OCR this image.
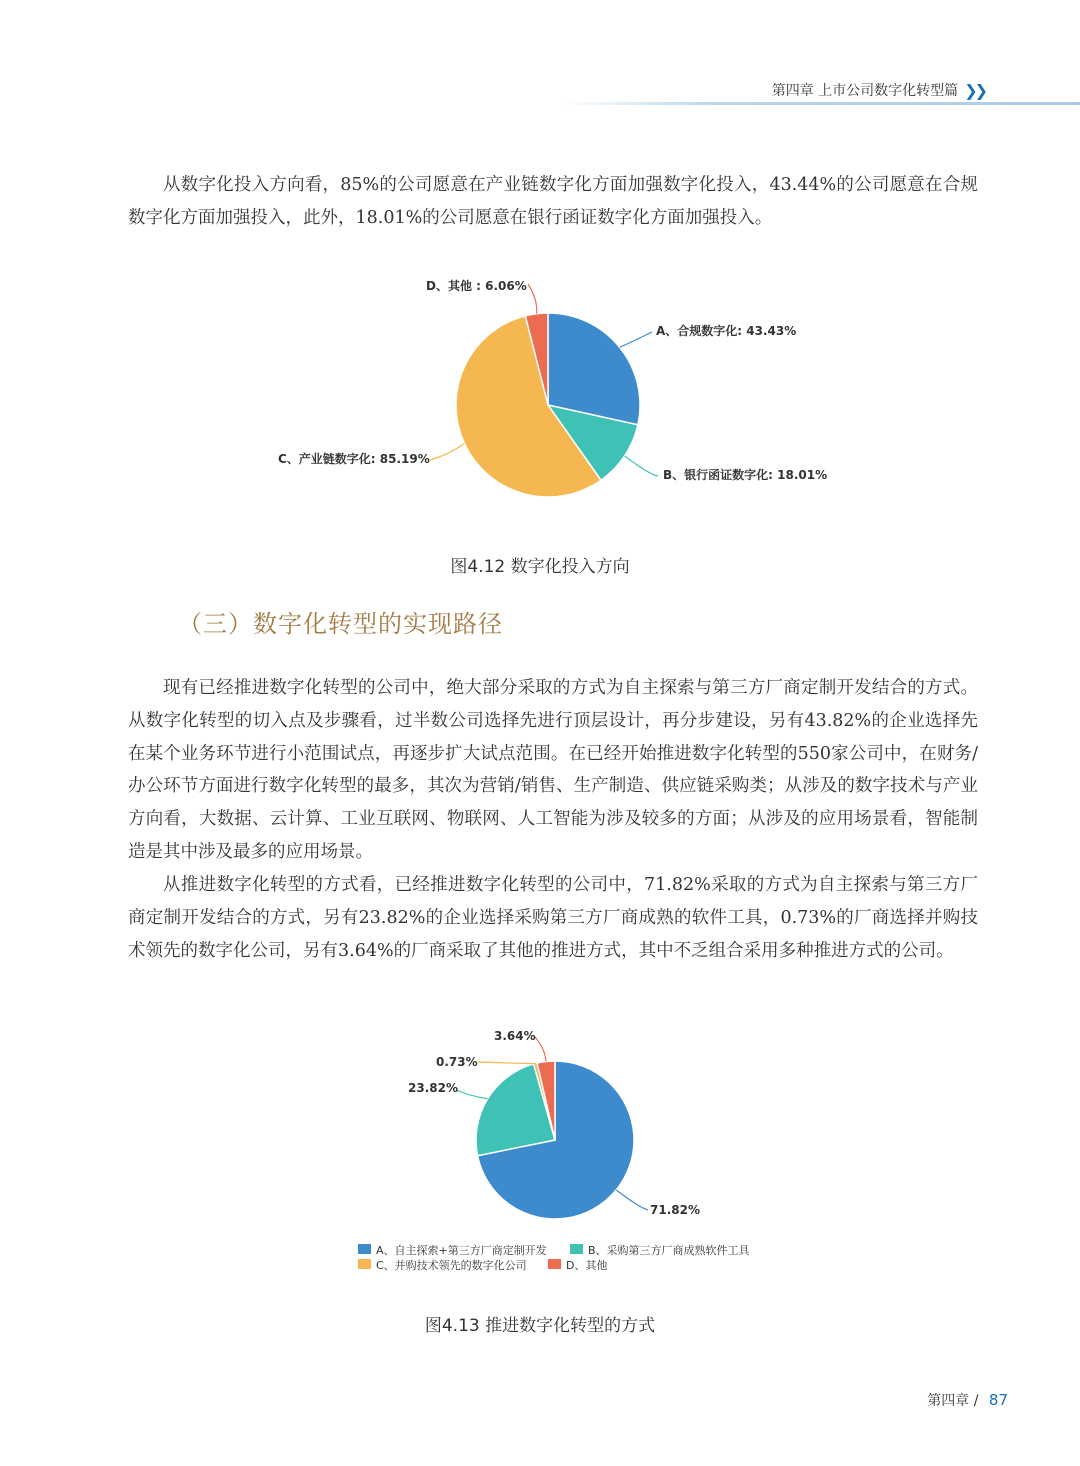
第四章 上市公司数字化转型篇 ❯❯

从数字化投入方向看，85%的公司愿意在产业链数字化方面加强数字化投入，43.44%的公司愿意在合规数字化方面加强投入，此外，18.01%的公司愿意在银行函证数字化方面加强投入。

D、其他 : 6.06%
A、合规数字化: 43.43%
C、产业链数字化: 85.19%
B、银行函证数字化: 18.01%
图4.12 数字化投入方向
（三）数字化转型的实现路径

现有已经推进数字化转型的公司中，绝大部分采取的方式为自主探索与第三方厂商定制开发结合的方式。从数字化转型的切入点及步骤看，过半数公司选择先进行顶层设计，再分步建设，另有43.82%的企业选择先在某个业务环节进行小范围试点，再逐步扩大试点范围。在已经开始推进数字化转型的550家公司中，在财务/办公环节方面进行数字化转型的最多，其次为营销/销售、生产制造、供应链采购类；从涉及的数字技术与产业方向看，大数据、云计算、工业互联网、物联网、人工智能为涉及较多的方面；从涉及的应用场景看，智能制造是其中涉及最多的应用场景。

从推进数字化转型的方式看，已经推进数字化转型的公司中，71.82%采取的方式为自主探索与第三方厂商定制开发结合的方式，另有23.82%的企业选择采购第三方厂商成熟的软件工具，0.73%的厂商选择并购技术领先的数字化公司，另有3.64%的厂商采取了其他的推进方式，其中不乏组合采用多种推进方式的公司。

3.64%
0.73%
23.82%
71.82%
A、自主探索+第三方厂商定制开发	B、采购第三方厂商成熟软件工具
C、并购技术领先的数字化公司	D、其他
图4.13 推进数字化转型的方式
第四章 / 87
